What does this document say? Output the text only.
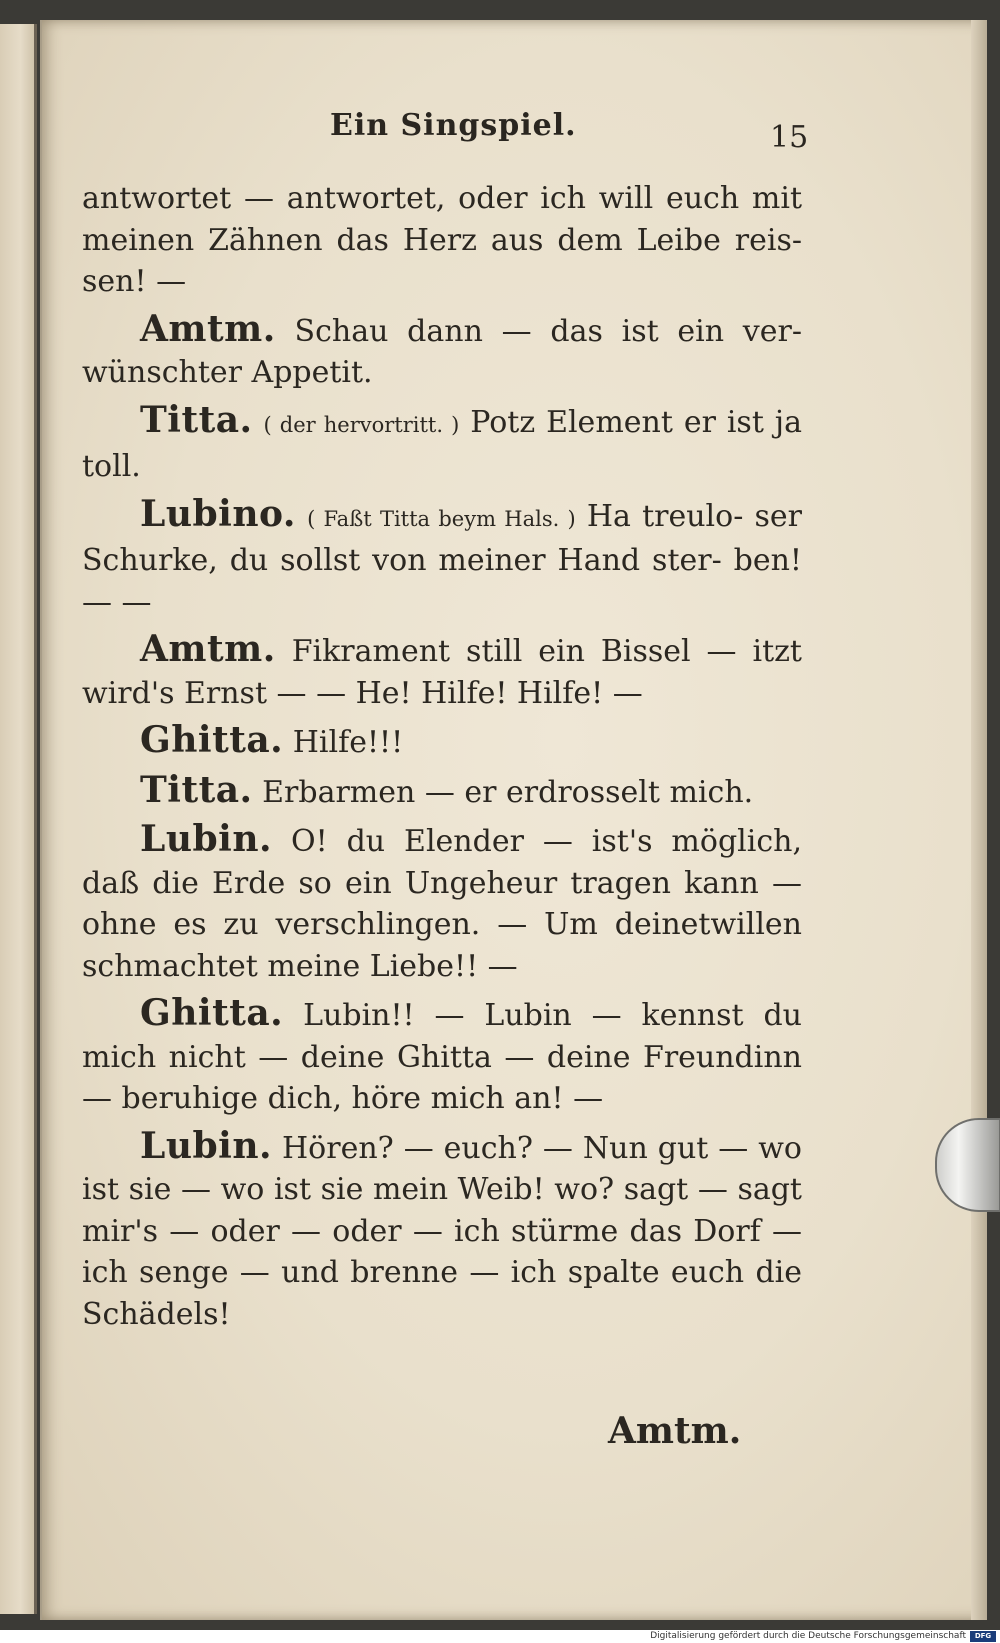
Ein Singspiel.	15

antwortet — antwortet, oder ich will euch mit meinen Zähnen das Herz aus dem Leibe reis- sen! —

Amtm. Schau dann — das ist ein ver- wünschter Appetit.

Titta. ( der hervortritt. ) Potz Element er ist ja toll.

Lubino. ( Faßt Titta beym Hals. ) Ha treulo- ser Schurke, du sollst von meiner Hand ster- ben! — —

Amtm. Fikrament still ein Bissel — itzt wird's Ernst — — He! Hilfe! Hilfe! —

Ghitta. Hilfe!!!

Titta. Erbarmen — er erdrosselt mich.

Lubin. O! du Elender — ist's möglich, daß die Erde so ein Ungeheur tragen kann — ohne es zu verschlingen. — Um deinetwillen schmachtet meine Liebe!! —

Ghitta. Lubin!! — Lubin — kennst du mich nicht — deine Ghitta — deine Freundinn — beruhige dich, höre mich an! —

Lubin. Hören? — euch? — Nun gut — wo ist sie — wo ist sie mein Weib! wo? sagt — sagt mir's — oder — oder — ich stürme das Dorf — ich senge — und brenne — ich spalte euch die Schädels!

Amtm.
Digitalisierung gefördert durch die Deutsche Forschungsgemeinschaft	DFG
